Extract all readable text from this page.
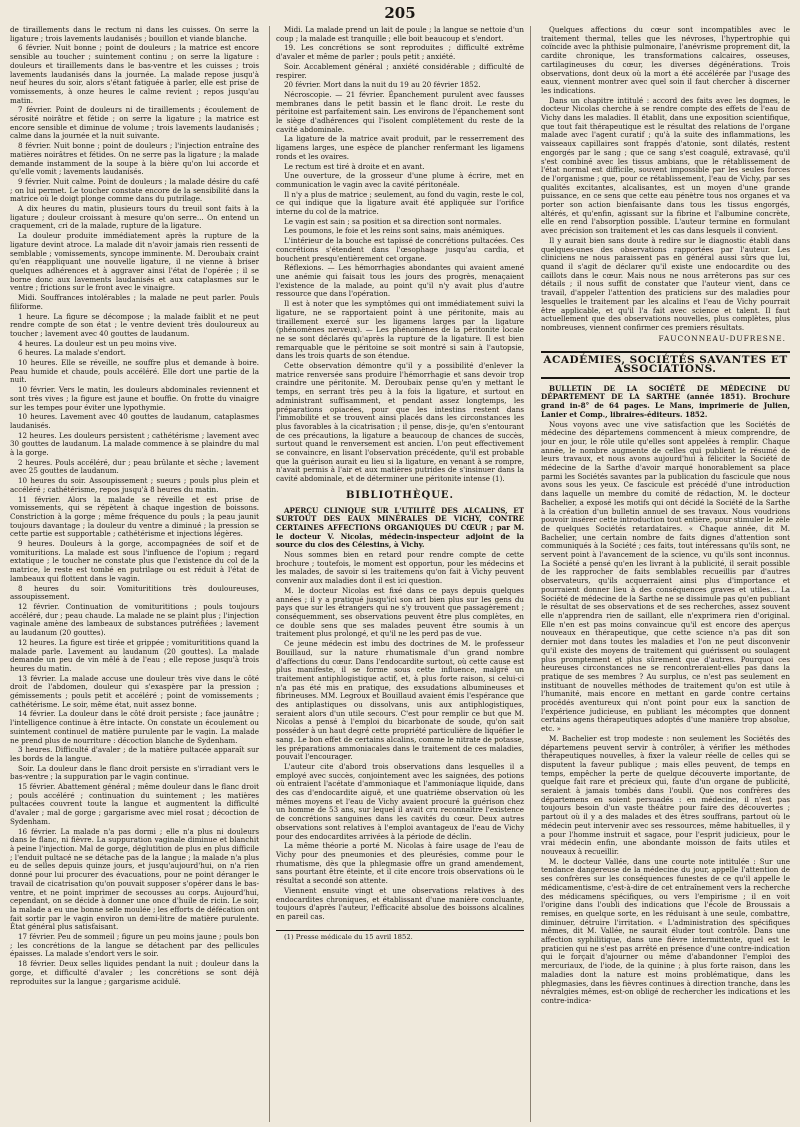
205

de tiraillements dans le rectum ni dans les cuisses. On serre la ligature ; trois lavements laudanisés ; bouillon et viande blanche.

6 février. Nuit bonne ; point de douleurs ; la matrice est encore sensible au toucher ; suintement continu ; on serre la ligature : douleurs et tiraillements dans le bas-ventre et les cuisses ; trois lavements laudanisés dans la journée. La malade repose jusqu'à neuf heures du soir, alors s'étant fatiguée à parler, elle est prise de vomissements, à onze heures le calme revient ; repos jusqu'au matin.

7 février. Point de douleurs ni de tiraillements ; écoulement de sérosité noirâtre et fétide ; on serre la ligature ; la matrice est encore sensible et diminue de volume ; trois lavements laudanisés ; calme dans la journée et la nuit suivante.

8 février. Nuit bonne ; point de douleurs ; l'injection entraîne des matières noirâtres et fétides. On ne serre pas la ligature ; la malade demande instamment de la soupe à la bière qu'on lui accorde et qu'elle vomit ; lavements laudanisés.

9 février. Nuit calme. Point de douleurs ; la malade désire du café ; on lui permet. Le toucher constate encore de la sensibilité dans la matrice où le doigt plonge comme dans du putrilage.

A dix heures du matin, plusieurs tours du treuil sont faits à la ligature ; douleur croissant à mesure qu'on serre... On entend un craquement, cri de la malade, rupture de la ligature.

La douleur produite immédiatement après la rupture de la ligature devint atroce. La malade dit n'avoir jamais rien ressenti de semblable ; vomissements, syncope imminente. M. Deroubaix craint qu'en réappliquant une nouvelle ligature, il ne vienne à briser quelques adhérences et à aggraver ainsi l'état de l'opérée ; il se borne donc aux lavements laudanisés et aux cataplasmes sur le ventre ; frictions sur le front avec le vinaigre.

Midi. Souffrances intolérables ; la malade ne peut parler. Pouls filiforme.

1 heure. La figure se décompose ; la malade faiblit et ne peut rendre compte de son état ; le ventre devient très douloureux au toucher ; lavement avec 40 gouttes de laudanum.

4 heures. La douleur est un peu moins vive.

6 heures. La malade s'endort.

10 heures. Elle se réveille, ne souffre plus et demande à boire. Peau humide et chaude, pouls accéléré. Elle dort une partie de la nuit.

10 février. Vers le matin, les douleurs abdominales reviennent et sont très vives ; la figure est jaune et bouffie. On frotte du vinaigre sur les tempes pour éviter une lypothymie.

10 heures. Lavement avec 40 gouttes de laudanum, cataplasmes laudanisés.

12 heures. Les douleurs persistent ; cathétérisme ; lavement avec 30 gouttes de laudanum. La malade commence à se plaindre du mal à la gorge.

2 heures. Pouls accéléré, dur ; peau brûlante et sèche ; lavement avec 25 gouttes de laudanum.

10 heures du soir. Assoupissement ; sueurs ; pouls plus plein et accéléré ; cathétérisme, repos jusqu'à 8 heures du matin.

11 février. Alors la malade se réveille et est prise de vomissements, qui se répètent à chaque ingestion de boissons. Constriction à la gorge ; même fréquence du pouls ; la peau jaunit toujours davantage ; la douleur du ventre a diminué ; la pression se cette partie est supportable ; cathétérisme et injections légères.

9 heures. Douleurs à la gorge, accompagnées de soif et de vomituritions. La malade est sous l'influence de l'opium ; regard extatique ; le toucher ne constate plus que l'existence du col de la matrice, le reste est tombé en putrilage ou est réduit à l'état de lambeaux qui flottent dans le vagin.

8 heures du soir. Vomiturititions très douloureuses, assoupissement.

12 février. Continuation de vomiturititions ; pouls toujours accéléré, dur ; peau chaude. La malade ne se plaint plus ; l'injection vaginale amène des lambeaux de substances putréfiées ; lavement au laudanum (20 gouttes).

12 heures. La figure est tirée et grippée ; vomiturititions quand la malade parle. Lavement au laudanum (20 gouttes). La malade demande un peu de vin mêlé à de l'eau ; elle repose jusqu'à trois heures du matin.

13 février. La malade accuse une douleur très vive dans le côté droit de l'abdomen, douleur qui s'exaspère par la pression ; gémissements ; pouls petit et accéléré ; point de vomissements ; cathétérisme. Le soir, même état, nuit assez bonne.

14 février. La douleur dans le côté droit persiste ; face jaunâtre ; l'intelligence continue à être intacte. On constate un écoulement ou suintement continuel de matière purulente par le vagin. La malade ne prend plus de nourriture : décoction blanche de Sydenham.

3 heures. Difficulté d'avaler ; de la matière pultacée apparaît sur les bords de la langue.

Soir. La douleur dans le flanc droit persiste en s'irradiant vers le bas-ventre ; la suppuration par le vagin continue.

15 février. Abattement général ; même douleur dans le flanc droit ; pouls accéléré ; continuation du suintement ; les matières pultacées couvrent toute la langue et augmentent la difficulté d'avaler ; mal de gorge ; gargarisme avec miel rosat ; décoction de Sydenham.

16 février. La malade n'a pas dormi ; elle n'a plus ni douleurs dans le flanc, ni fièvre. La suppuration vaginale diminue et blanchit à peine l'injection. Mal de gorge, déglutition de plus en plus difficile ; l'enduit pultacé ne se détache pas de la langue ; la malade n'a plus eu de selles depuis quinze jours, et jusqu'aujourd'hui, on n'a rien donné pour lui procurer des évacuations, pour ne point déranger le travail de cicatrisation qu'on pouvait supposer s'opérer dans le bas-ventre, et ne point imprimer de secousses au corps. Aujourd'hui, cependant, on se décide à donner une once d'huile de ricin. Le soir, la malade a eu une bonne selle moulée ; les efforts de défécation ont fait sortir par le vagin environ un demi-litre de matière purulente. État général plus satisfaisant.

17 février. Peu de sommeil ; figure un peu moins jaune ; pouls bon ; les concrétions de la langue se détachent par des pellicules épaisses. La malade s'endort vers le soir.

18 février. Deux selles liquides pendant la nuit ; douleur dans la gorge, et difficulté d'avaler ; les concrétions se sont déjà reproduites sur la langue ; gargarisme acidulé.

Midi. La malade prend un lait de poule ; la langue se nettoie d'un coup ; la malade est tranquille ; elle boit beaucoup et s'endort.

19. Les concrétions se sont reproduites ; difficulté extrême d'avaler et même de parler ; pouls petit ; anxiété.

Soir. Accablement général ; anxiété considérable ; difficulté de respirer.

20 février. Mort dans la nuit du 19 au 20 février 1852.

Nécroscopie. — 21 février. Épanchement purulent avec fausses membranes dans le petit bassin et le flanc droit. Le reste du péritoine est parfaitement sain. Les environs de l'épanchement sont le siège d'adhérences qui l'isolent complètement du reste de la cavité abdominale.

La ligature de la matrice avait produit, par le resserrement des ligamens larges, une espèce de plancher renfermant les ligamens ronds et les ovaires.

Le rectum est tiré à droite et en avant.

Une ouverture, de la grosseur d'une plume à écrire, met en communication le vagin avec la cavité péritonéale.

Il n'y a plus de matrice ; seulement, au fond du vagin, reste le col, ce qui indique que la ligature avait été appliquée sur l'orifice interne du col de la matrice.

Le vagin est sain ; sa position et sa direction sont normales.

Les poumons, le foie et les reins sont sains, mais anémiques.

L'intérieur de la bouche est tapissé de concrétions pultacées. Ces concrétions s'étendent dans l'œsophage jusqu'au cardia, et bouchent presqu'entièrement cet organe.

Réflexions. — Les hémorrhagies abondantes qui avaient amené une anémie qui faisait tous les jours des progrès, menaçaient l'existence de la malade, au point qu'il n'y avait plus d'autre ressource que dans l'opération.

Il est à noter que les symptômes qui ont immédiatement suivi la ligature, ne se rapportaient point à une péritonite, mais au tiraillement exercé sur les ligamens larges par la ligature (phénomènes nerveux). — Les phénomènes de la péritonite locale ne se sont déclarés qu'après la rupture de la ligature. Il est bien remarquable que le péritoine se soit montré si sain à l'autopsie, dans les trois quarts de son étendue.

Cette observation démontre qu'il y a possibilité d'enlever la matrice renversée sans produire l'hémorrhagie et sans devoir trop craindre une péritonite. M. Deroubaix pense qu'en y mettant le temps, en serrant très peu à la fois la ligature, et surtout en administrant suffisamment, et pendant assez longtemps, les préparations opiacées, pour que les intestins restent dans l'immobilité et se trouvent ainsi placés dans les circonstances les plus favorables à la cicatrisation ; il pense, dis-je, qu'en s'entourant de ces précautions, la ligature a beaucoup de chances de succès, surtout quand le renversement est ancien. L'on peut effectivement se convaincre, en lisant l'observation précédente, qu'il est probable que la guérison aurait eu lieu si la ligature, en venant à se rompre, n'avait permis à l'air et aux matières putrides de s'insinuer dans la cavité abdominale, et de déterminer une péritonite intense (1).

BIBLIOTHÈQUE.

APERÇU CLINIQUE SUR L'UTILITÉ DES ALCALINS, ET SURTOUT DES EAUX MINÉRALES DE VICHY, CONTRE CERTAINES AFFECTIONS ORGANIQUES DU CŒUR ; par M. le docteur V. Nicolas, médecin-inspecteur adjoint de la source du clos des Célestins, à Vichy.

Nous sommes bien en retard pour rendre compte de cette brochure ; toutefois, le moment est opportun, pour les médecins et les malades, de savoir si les traitemens qu'on fait à Vichy peuvent convenir aux maladies dont il est ici question.

M. le docteur Nicolas est fixé dans ce pays depuis quelques années ; il y a pratiqué jusqu'ici son art bien plus sur les gens du pays que sur les étrangers qui ne s'y trouvent que passagèrement ; conséquemment, ses observations peuvent être plus complètes, en ce double sens que ses malades peuvent être soumis à un traitement plus prolongé, et qu'il ne les perd pas de vue.

Ce jeune médecin est imbu des doctrines de M. le professeur Bouillaud, sur la nature rhumatismale d'un grand nombre d'affections du cœur. Dans l'endocardite surtout, où cette cause est plus manifeste, il se forme sous cette influence, malgré un traitement antiphlogistique actif, et, à plus forte raison, si celui-ci n'a pas été mis en pratique, des exsudations albumineuses et fibrineuses. MM. Legroux et Bouillaud avaient émis l'espérance que des antiplastiques ou dissolvans, unis aux antiphlogistiques, seraient alors d'un utile secours. C'est pour remplir ce but que M. Nicolas a pensé à l'emploi du bicarbonate de soude, qu'on sait posséder à un haut degré cette propriété particulière de liquéfier le sang. Le bon effet de certains alcalins, comme le nitrate de potasse, les préparations ammoniacales dans le traitement de ces maladies, pouvait l'encourager.

L'auteur cite d'abord trois observations dans lesquelles il a employé avec succès, conjointement avec les saignées, des potions où entraient l'acétate d'ammoniaque et l'ammoniaque liquide, dans des cas d'endocardite aiguë, et une quatrième observation où les mêmes moyens et l'eau de Vichy avaient procuré la guérison chez un homme de 53 ans, sur lequel il avait cru reconnaître l'existence de concrétions sanguines dans les cavités du cœur. Deux autres observations sont relatives à l'emploi avantageux de l'eau de Vichy pour des endocardites arrivées à la période de déclin.

La même théorie a porté M. Nicolas à faire usage de l'eau de Vichy pour des pneumonies et des pleurésies, comme pour le rhumatisme, dès que la phlegmasie offre un grand amendement, sans pourtant être éteinte, et il cite encore trois observations où le résultat a secondé son attente.

Viennent ensuite vingt et une observations relatives à des endocardites chroniques, et établissant d'une manière concluante, toujours d'après l'auteur, l'efficacité absolue des boissons alcalines en pareil cas.

(1) Presse médicale du 15 avril 1852.

Quelques affections du cœur sont incompatibles avec le traitement thermal, telles que les névroses, l'hypertrophie qui coïncide avec la phthisie pulmonaire, l'anévrisme proprement dit, la cardite chronique, les transformations calcaires, osseuses, cartilagineuses du cœur, les diverses dégénérations. Trois observations, dont deux où la mort a été accélérée par l'usage des eaux, viennent montrer avec quel soin il faut chercher à discerner les indications.

Dans un chapitre intitulé : accord des faits avec les dogmes, le docteur Nicolas cherche à se rendre compte des effets de l'eau de Vichy dans les maladies. Il établit, dans une exposition scientifique, que tout fait thérapeutique est le résultat des relations de l'organe malade avec l'agent curatif ; qu'à la suite des inflammations, les vaisseaux capillaires sont frappés d'atonie, sont dilatés, restent engorgés par le sang ; que ce sang s'est coagulé, extravasé, qu'il s'est combiné avec les tissus ambians, que le rétablissement de l'état normal est difficile, souvent impossible par les seules forces de l'organisme ; que, pour ce rétablissement, l'eau de Vichy, par ses qualités excitantes, alcalisantes, est un moyen d'une grande puissance, en ce sens que cette eau pénètre tous nos organes et va porter son action bienfaisante dans tous les tissus engorgés, altérés, et qu'enfin, agissant sur la fibrine et l'albumine concrète, elle en rend l'absorption possible. L'auteur termine en formulant avec précision son traitement et les cas dans lesquels il convient.

Il y aurait bien sans doute à redire sur le diagnostic établi dans quelques-unes des observations rapportées par l'auteur. Les cliniciens ne nous paraissent pas en général aussi sûrs que lui, quand il s'agit de déclarer qu'il existe une endocardite ou des caillots dans le cœur. Mais nous ne nous arrêterons pas sur ces détails ; il nous suffit de constater que l'auteur vient, dans ce travail, d'appeler l'attention des praticiens sur des maladies pour lesquelles le traitement par les alcalins et l'eau de Vichy pourrait être applicable, et qu'il l'a fait avec science et talent. Il faut actuellement que des observations nouvelles, plus complètes, plus nombreuses, viennent confirmer ces premiers résultats.

FAUCONNEAU-DUFRESNE.
ACADÉMIES, SOCIÉTÉS SAVANTES ET ASSOCIATIONS.

BULLETIN DE LA SOCIÉTÉ DE MÉDECINE DU DÉPARTEMENT DE LA SARTHE (année 1851). Brochure grand in-8° de 64 pages. Le Mans, imprimerie de Julien, Lanier et Comp., libraires-éditeurs. 1852.

Nous voyons avec une vive satisfaction que les Sociétés de médecine des départemens commencent à mieux comprendre, de jour en jour, le rôle utile qu'elles sont appelées à remplir. Chaque année, le nombre augmente de celles qui publient le résumé de leurs travaux, et nous avons aujourd'hui à féliciter la Société de médecine de la Sarthe d'avoir marqué honorablement sa place parmi les Sociétés savantes par la publication du fascicule que nous avons sous les yeux. Ce fascicule est précédé d'une introduction dans laquelle un membre du comité de rédaction, M. le docteur Bachelier, a exposé les motifs qui ont décidé la Société de la Sarthe à la création d'un bulletin annuel de ses travaux. Nous voudrions pouvoir insérer cette introduction tout entière, pour stimuler le zèle de quelques Sociétés retardataires. « Chaque année, dit M. Bachelier, une certain nombre de faits dignes d'attention sont communiqués à la Société ; ces faits, tout intéressans qu'ils sont, ne servent point à l'avancement de la science, vu qu'ils sont inconnus. La Société a pensé qu'en les livrant à la publicité, il serait possible de les rapprocher de faits semblables recueillis par d'autres observateurs, qu'ils acquerraient ainsi plus d'importance et pourraient donner lieu à des conséquences graves et utiles... La Société de médecine de la Sarthe ne se dissimule pas qu'en publiant le résultat de ses observations et de ses recherches, assez souvent elle n'apprendra rien de saillant, elle n'exprimera rien d'original. Elle n'en est pas moins convaincue qu'il est encore des aperçus nouveaux en thérapeutique, que cette science n'a pas dit son dernier mot dans toutes les maladies et l'on ne peut disconvenir qu'il existe des moyens de traitement qui guérissent ou soulagent plus promptement et plus sûrement que d'autres. Pourquoi ces heureuses circonstances ne se rencontreraient-elles pas dans la pratique de ses membres ? Au surplus, ce n'est pas seulement en instituant de nouvelles méthodes de traitement qu'on est utile à l'humanité, mais encore en mettant en garde contre certains procédés aventureux qui n'ont point pour eux la sanction de l'expérience judicieuse, en publiant les mécomptes que donnent certains agens thérapeutiques adoptés d'une manière trop absolue, etc. »

M. Bachelier est trop modeste : non seulement les Sociétés des départemens peuvent servir à contrôler, à vérifier les méthodes thérapeutiques nouvelles, à fixer la valeur réelle de celles qui se disputent la faveur publique ; mais elles peuvent, de temps en temps, empêcher la perte de quelque découverte importante, de quelque fait rare et précieux qui, faute d'un organe de publicité, seraient à jamais tombés dans l'oubli. Que nos confrères des départemens en soient persuadés : en médecine, il n'est pas toujours besoin d'un vaste théâtre pour faire des découvertes ; partout où il y a des malades et des êtres souffrans, partout où le médecin peut intervenir avec ses ressources, même habituelles, il y a pour l'homme instruit et sagace, pour l'esprit judicieux, pour le vrai médecin enfin, une abondante moisson de faits utiles et nouveaux à recueillir.

M. le docteur Vallée, dans une courte note intitulée : Sur une tendance dangereuse de la médecine du jour, appelle l'attention de ses confrères sur les conséquences funestes de ce qu'il appelle le médicamentisme, c'est-à-dire de cet entraînement vers la recherche des médicamens spécifiques, ou vers l'empirisme ; il en voit l'origine dans l'oubli des indications que l'école de Broussais a remises, en quelque sorte, en les réduisant à une seule, combattre, diminuer, détruire l'irritation. « L'administration des spécifiques mêmes, dit M. Vallée, ne saurait éluder tout contrôle. Dans une affection syphilitique, dans une fièvre intermittente, quel est le praticien qui ne s'est pas arrêté en présence d'une contre-indication qui le forçait d'ajourner ou même d'abandonner l'emploi des mercuriaux, de l'iode, de la quinine ; à plus forte raison, dans les maladies dont la nature est moins problématique, dans les phlegmasies, dans les fièvres continues à direction tranche, dans les névralgies mêmes, est-on obligé de rechercher les indications et les contre-indica-
